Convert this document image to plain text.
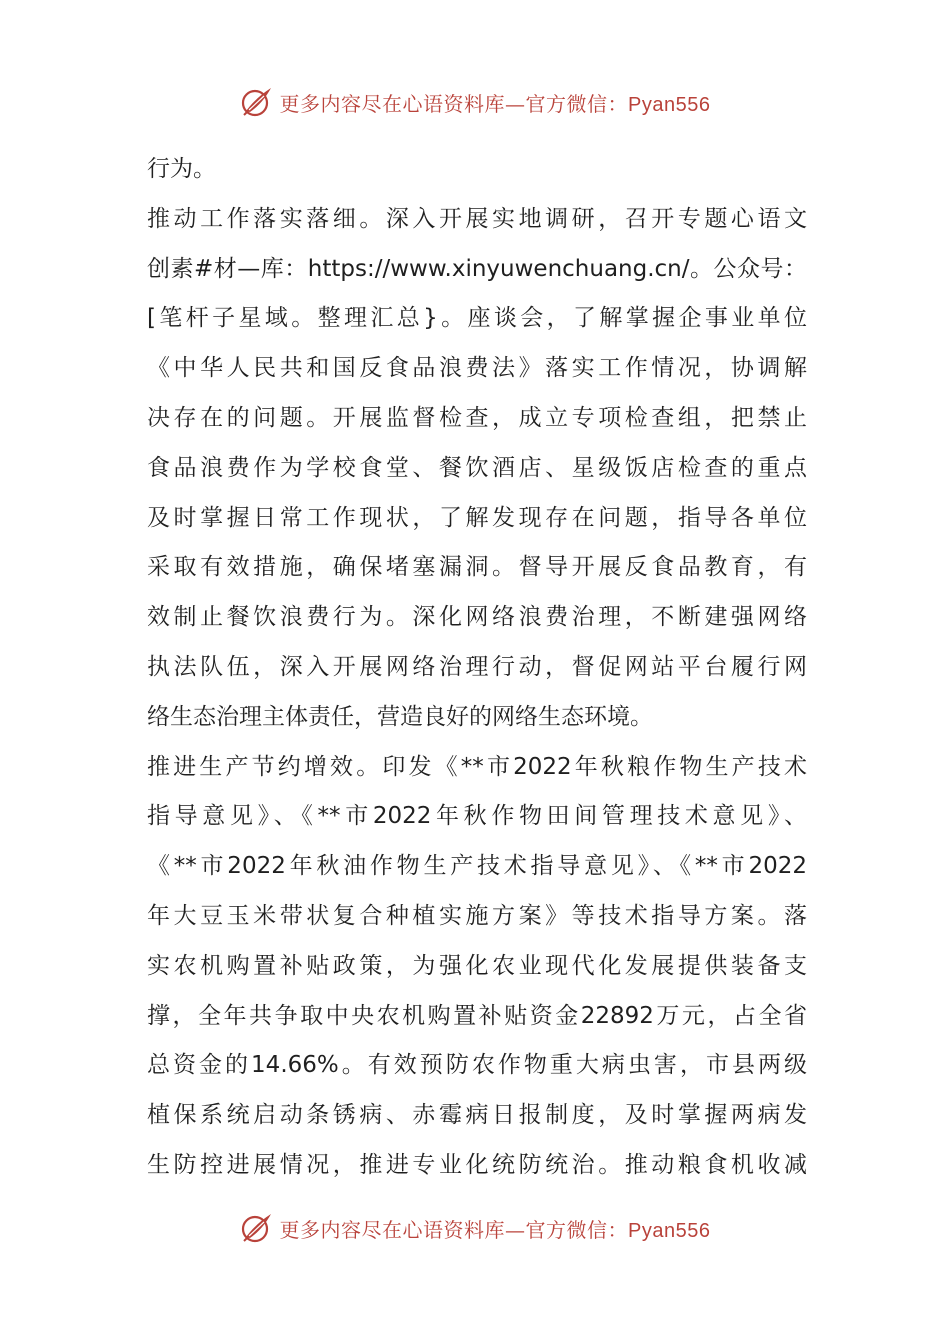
更多内容尽在心语资料库—官方微信：Pyan556
行为。
推动工作落实落细。深入开展实地调研，召开专题心语文
创素#材—库：https://www.xinyuwenchuang.cn/。公众号：
[笔杆子星域。整理汇总}。座谈会，了解掌握企事业单位
《中华人民共和国反食品浪费法》落实工作情况，协调解
决存在的问题。开展监督检查，成立专项检查组，把禁止
食品浪费作为学校食堂、餐饮酒店、星级饭店检查的重点
及时掌握日常工作现状，了解发现存在问题，指导各单位
采取有效措施，确保堵塞漏洞。督导开展反食品教育，有
效制止餐饮浪费行为。深化网络浪费治理，不断建强网络
执法队伍，深入开展网络治理行动，督促网站平台履行网
络生态治理主体责任，营造良好的网络生态环境。
推进生产节约增效。印发《**市2022年秋粮作物生产技术
指导意见》、《**市2022年秋作物田间管理技术意见》、
《**市2022年秋油作物生产技术指导意见》、《**市2022
年大豆玉米带状复合种植实施方案》等技术指导方案。落
实农机购置补贴政策，为强化农业现代化发展提供装备支
撑，全年共争取中央农机购置补贴资金22892万元，占全省
总资金的14.66%。有效预防农作物重大病虫害，市县两级
植保系统启动条锈病、赤霉病日报制度，及时掌握两病发
生防控进展情况，推进专业化统防统治。推动粮食机收减
更多内容尽在心语资料库—官方微信：Pyan556
